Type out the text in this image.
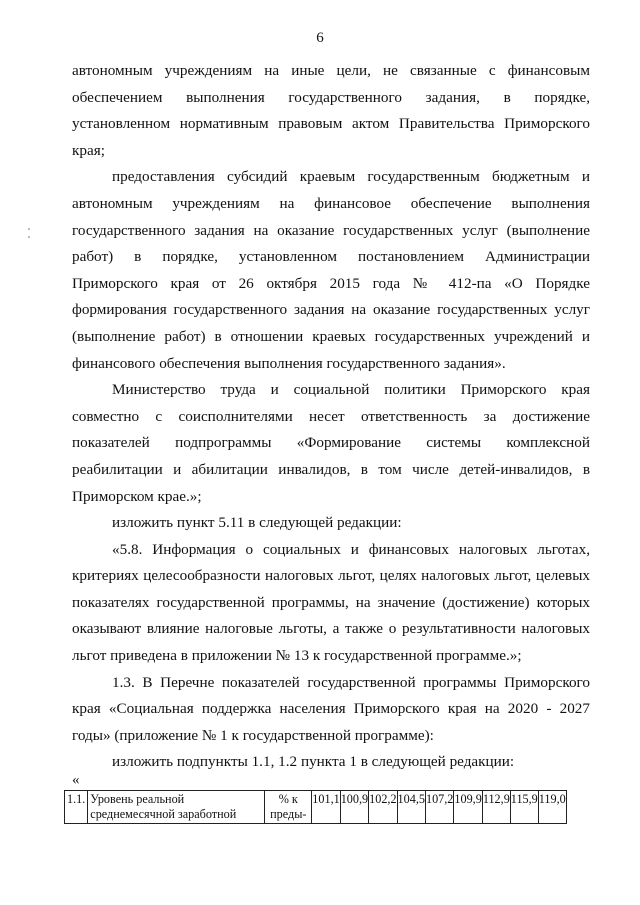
6

автономным учреждениям на иные цели, не связанные с финансовым обеспечением выполнения государственного задания, в порядке, установленном нормативным правовым актом Правительства Приморского края;

предоставления субсидий краевым государственным бюджетным и автономным учреждениям на финансовое обеспечение выполнения государственного задания на оказание государственных услуг (выполнение работ) в порядке, установленном постановлением Администрации Приморского края от 26 октября 2015 года № 412-па «О Порядке формирования государственного задания на оказание государственных услуг (выполнение работ) в отношении краевых государственных учреждений и финансового обеспечения выполнения государственного задания».

Министерство труда и социальной политики Приморского края совместно с соисполнителями несет ответственность за достижение показателей подпрограммы «Формирование системы комплексной реабилитации и абилитации инвалидов, в том числе детей-инвалидов, в Приморском крае.»;

изложить пункт 5.11 в следующей редакции:

«5.8. Информация о социальных и финансовых налоговых льготах, критериях целесообразности налоговых льгот, целях налоговых льгот, целевых показателях государственной программы, на значение (достижение) которых оказывают влияние налоговые льготы, а также о результативности налоговых льгот приведена в приложении № 13 к государственной программе.»;

1.3. В Перечне показателей государственной программы Приморского края «Социальная поддержка населения Приморского края на 2020 - 2027 годы» (приложение № 1 к государственной программе):

изложить подпункты 1.1, 1.2 пункта 1 в следующей редакции:

«
1.1.	Уровень реальной среднемесячной заработной	% к преды-	101,1	100,9	102,2	104,5	107,2	109,9	112,9	115,9	119,0
